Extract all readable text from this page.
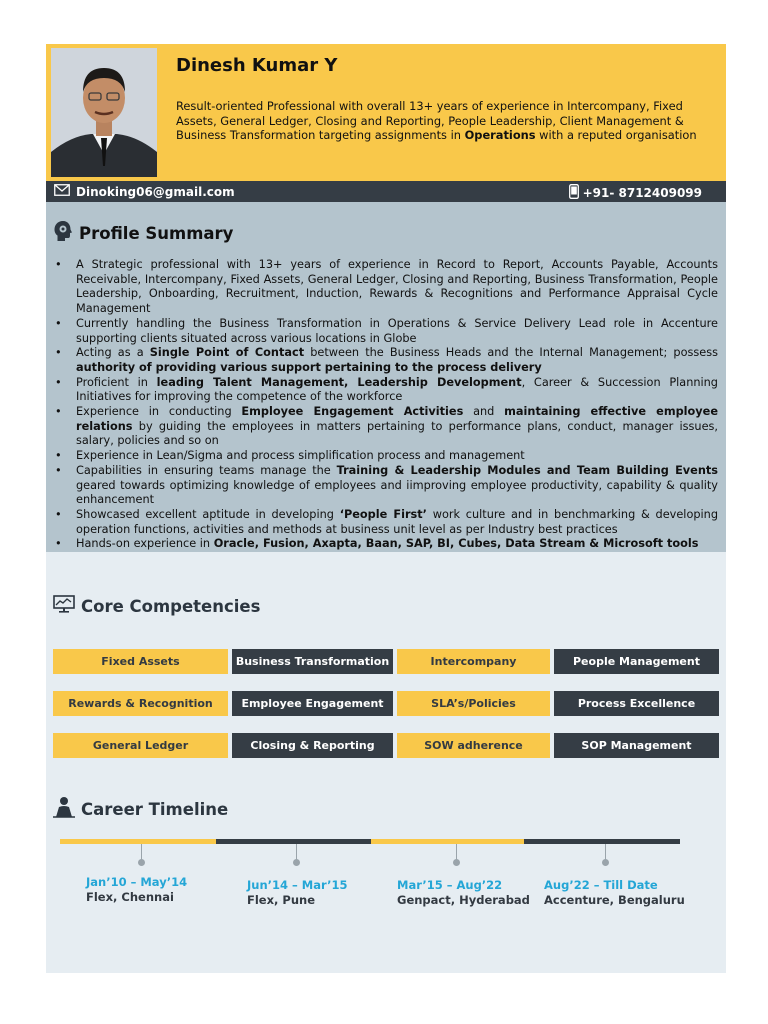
Dinesh Kumar Y
Result-oriented Professional with overall 13+ years of experience in Intercompany, Fixed Assets, General Ledger, Closing and Reporting, People Leadership, Client Management & Business Transformation targeting assignments in Operations with a reputed organisation
Dinoking06@gmail.com	+91- 8712409099
Profile Summary
• A Strategic professional with 13+ years of experience in Record to Report, Accounts Payable, Accounts Receivable, Intercompany, Fixed Assets, General Ledger, Closing and Reporting, Business Transformation, People Leadership, Onboarding, Recruitment, Induction, Rewards & Recognitions and Performance Appraisal Cycle Management
• Currently handling the Business Transformation in Operations & Service Delivery Lead role in Accenture supporting clients situated across various locations in Globe
• Acting as a Single Point of Contact between the Business Heads and the Internal Management; possess authority of providing various support pertaining to the process delivery
• Proficient in leading Talent Management, Leadership Development, Career & Succession Planning Initiatives for improving the competence of the workforce
• Experience in conducting Employee Engagement Activities and maintaining effective employee relations by guiding the employees in matters pertaining to performance plans, conduct, manager issues, salary, policies and so on
• Experience in Lean/Sigma and process simplification process and management
• Capabilities in ensuring teams manage the Training & Leadership Modules and Team Building Events geared towards optimizing knowledge of employees and iimproving employee productivity, capability & quality enhancement
• Showcased excellent aptitude in developing ‘People First’ work culture and in benchmarking & developing operation functions, activities and methods at business unit level as per Industry best practices
• Hands-on experience in Oracle, Fusion, Axapta, Baan, SAP, BI, Cubes, Data Stream & Microsoft tools
Core Competencies
Fixed Assets	Business Transformation	Intercompany	People Management
Rewards & Recognition	Employee Engagement	SLA’s/Policies	Process Excellence
General Ledger	Closing & Reporting	SOW adherence	SOP Management
Career Timeline
Jan’10 – May’14
Flex, Chennai
Jun’14 – Mar’15
Flex, Pune
Mar’15 – Aug’22
Genpact, Hyderabad
Aug’22 – Till Date
Accenture, Bengaluru
